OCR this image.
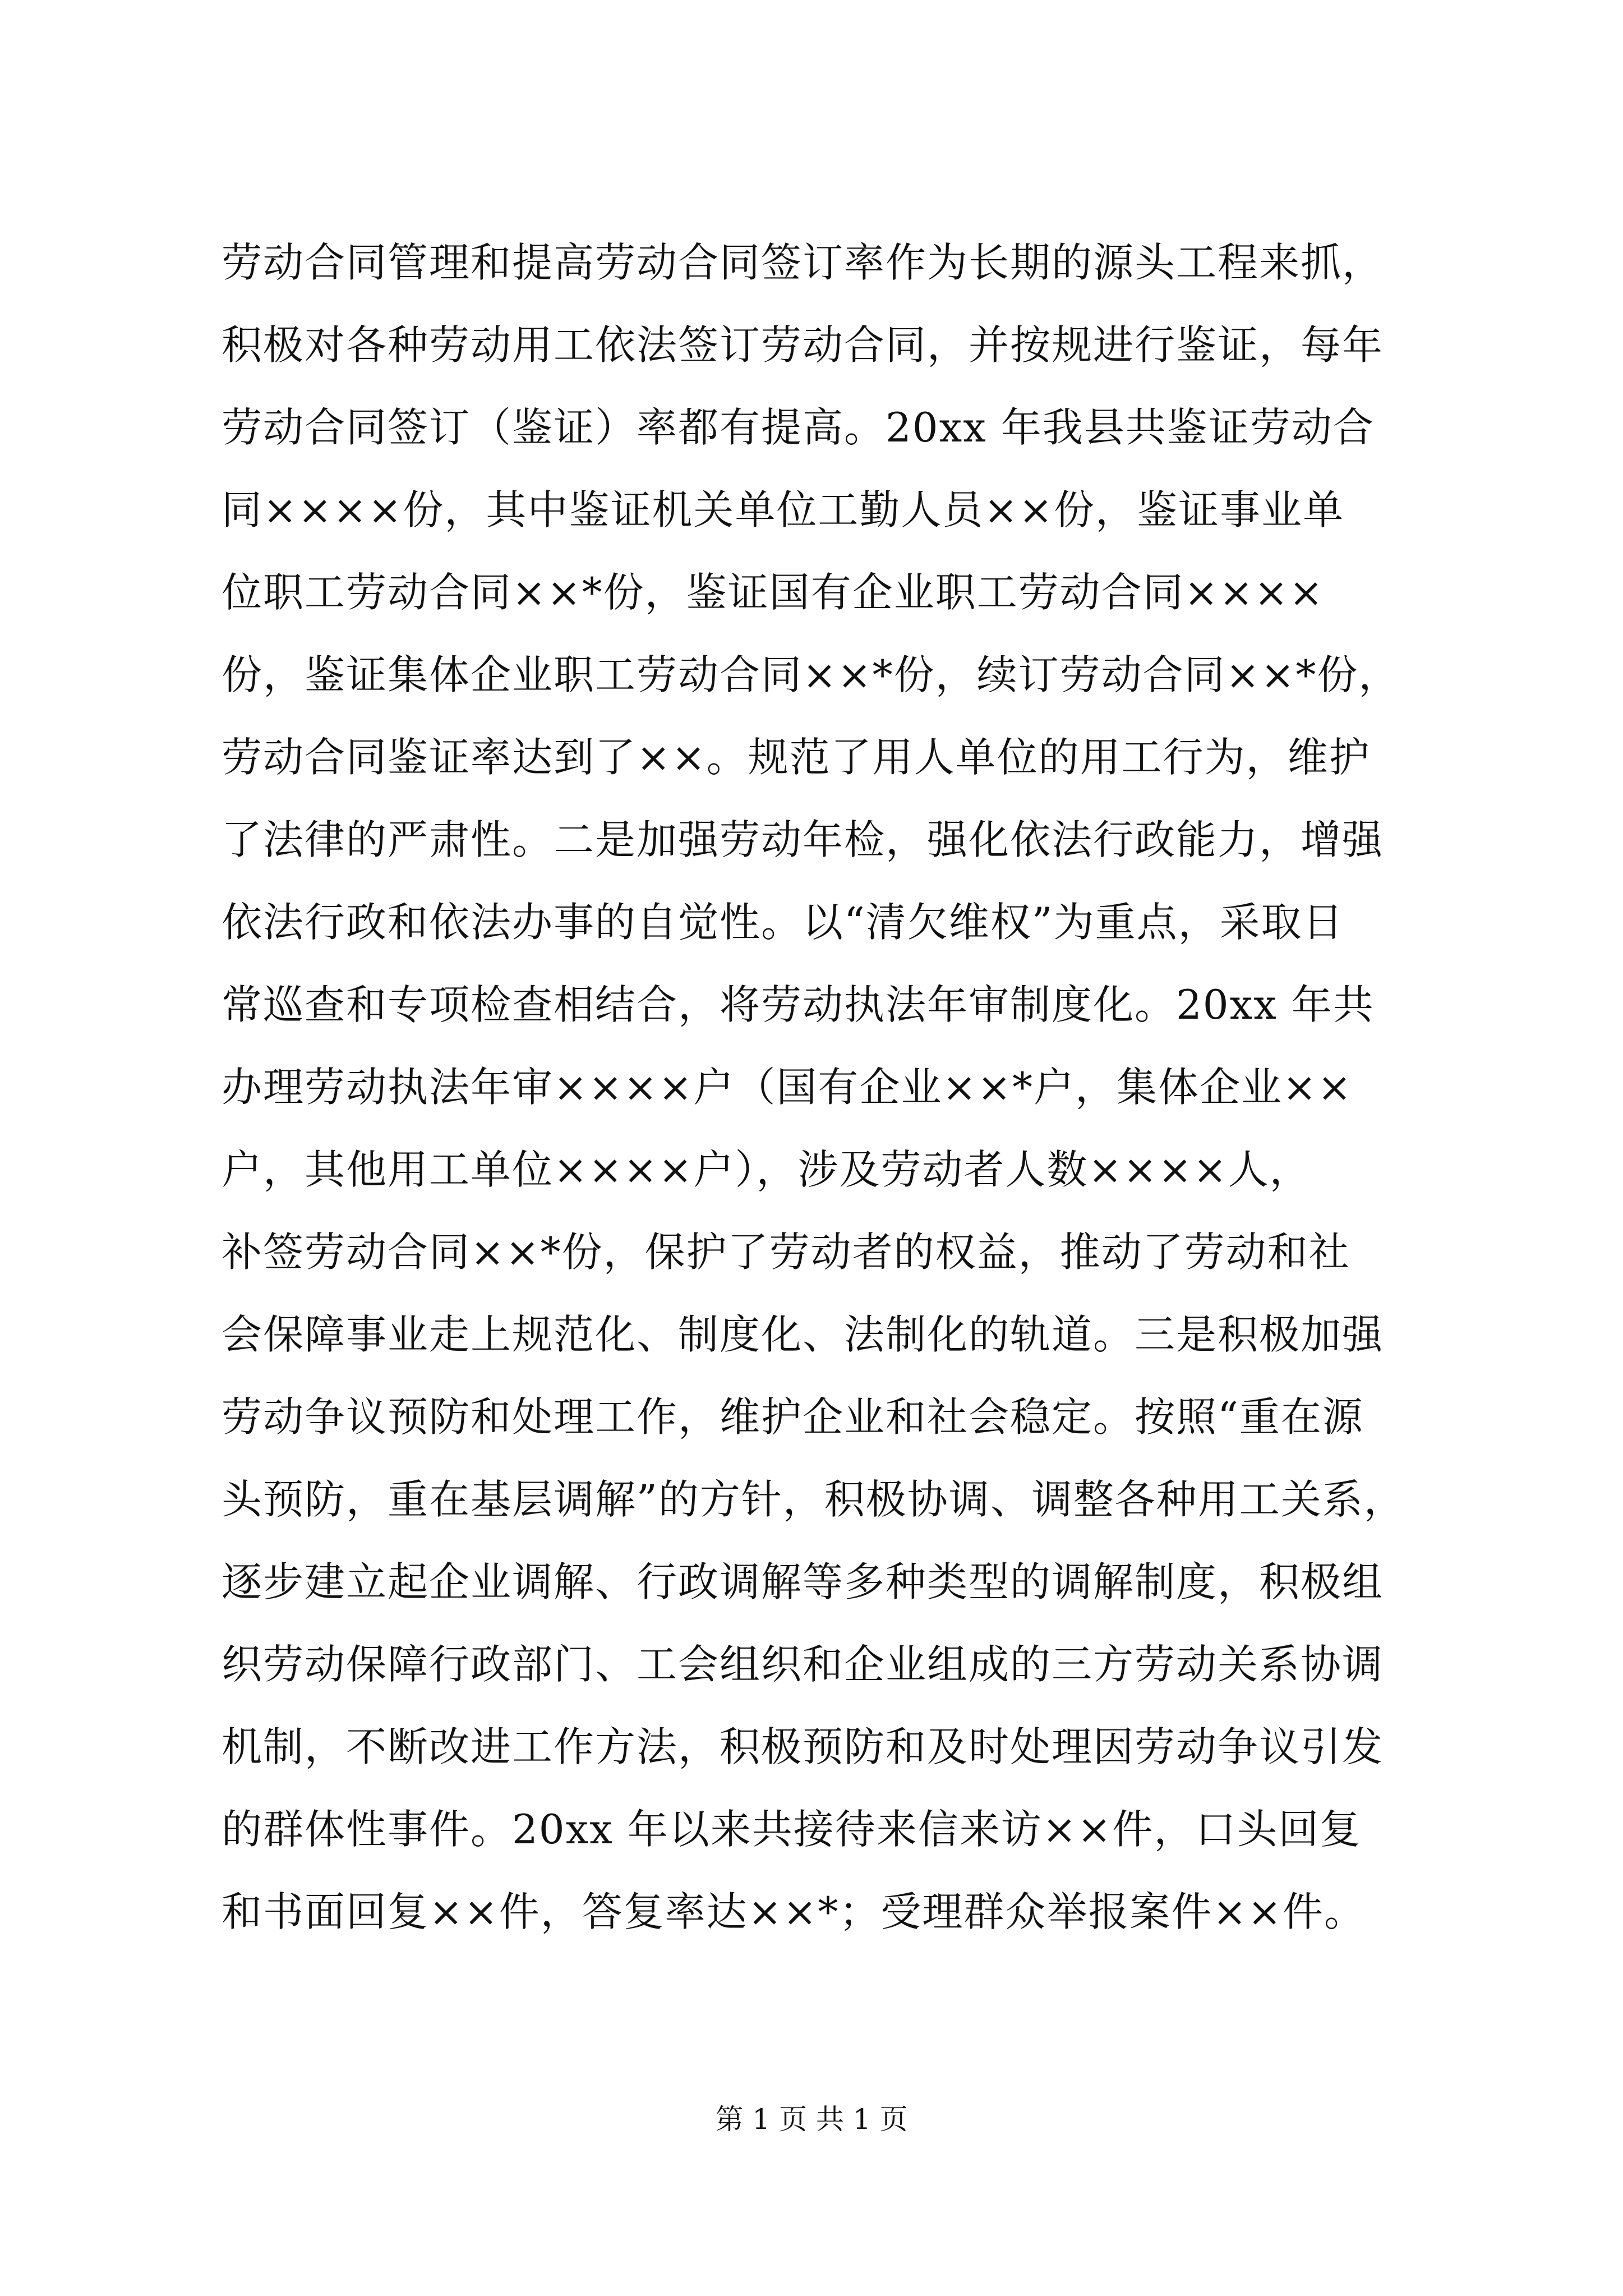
劳动合同管理和提高劳动合同签订率作为长期的源头工程来抓，
积极对各种劳动用工依法签订劳动合同，并按规进行鉴证，每年
劳动合同签订（鉴证）率都有提高。20xx 年我县共鉴证劳动合
同××××份，其中鉴证机关单位工勤人员××份，鉴证事业单
位职工劳动合同××*份，鉴证国有企业职工劳动合同××××
份，鉴证集体企业职工劳动合同××*份，续订劳动合同××*份，
劳动合同鉴证率达到了××。规范了用人单位的用工行为，维护
了法律的严肃性。二是加强劳动年检，强化依法行政能力，增强
依法行政和依法办事的自觉性。以“清欠维权”为重点，采取日
常巡查和专项检查相结合，将劳动执法年审制度化。20xx 年共
办理劳动执法年审××××户（国有企业××*户，集体企业××
户，其他用工单位××××户），涉及劳动者人数××××人，
补签劳动合同××*份，保护了劳动者的权益，推动了劳动和社
会保障事业走上规范化、制度化、法制化的轨道。三是积极加强
劳动争议预防和处理工作，维护企业和社会稳定。按照“重在源
头预防，重在基层调解”的方针，积极协调、调整各种用工关系，
逐步建立起企业调解、行政调解等多种类型的调解制度，积极组
织劳动保障行政部门、工会组织和企业组成的三方劳动关系协调
机制，不断改进工作方法，积极预防和及时处理因劳动争议引发
的群体性事件。20xx 年以来共接待来信来访××件，口头回复
和书面回复××件，答复率达××*；受理群众举报案件××件。
第 1 页 共 1 页
